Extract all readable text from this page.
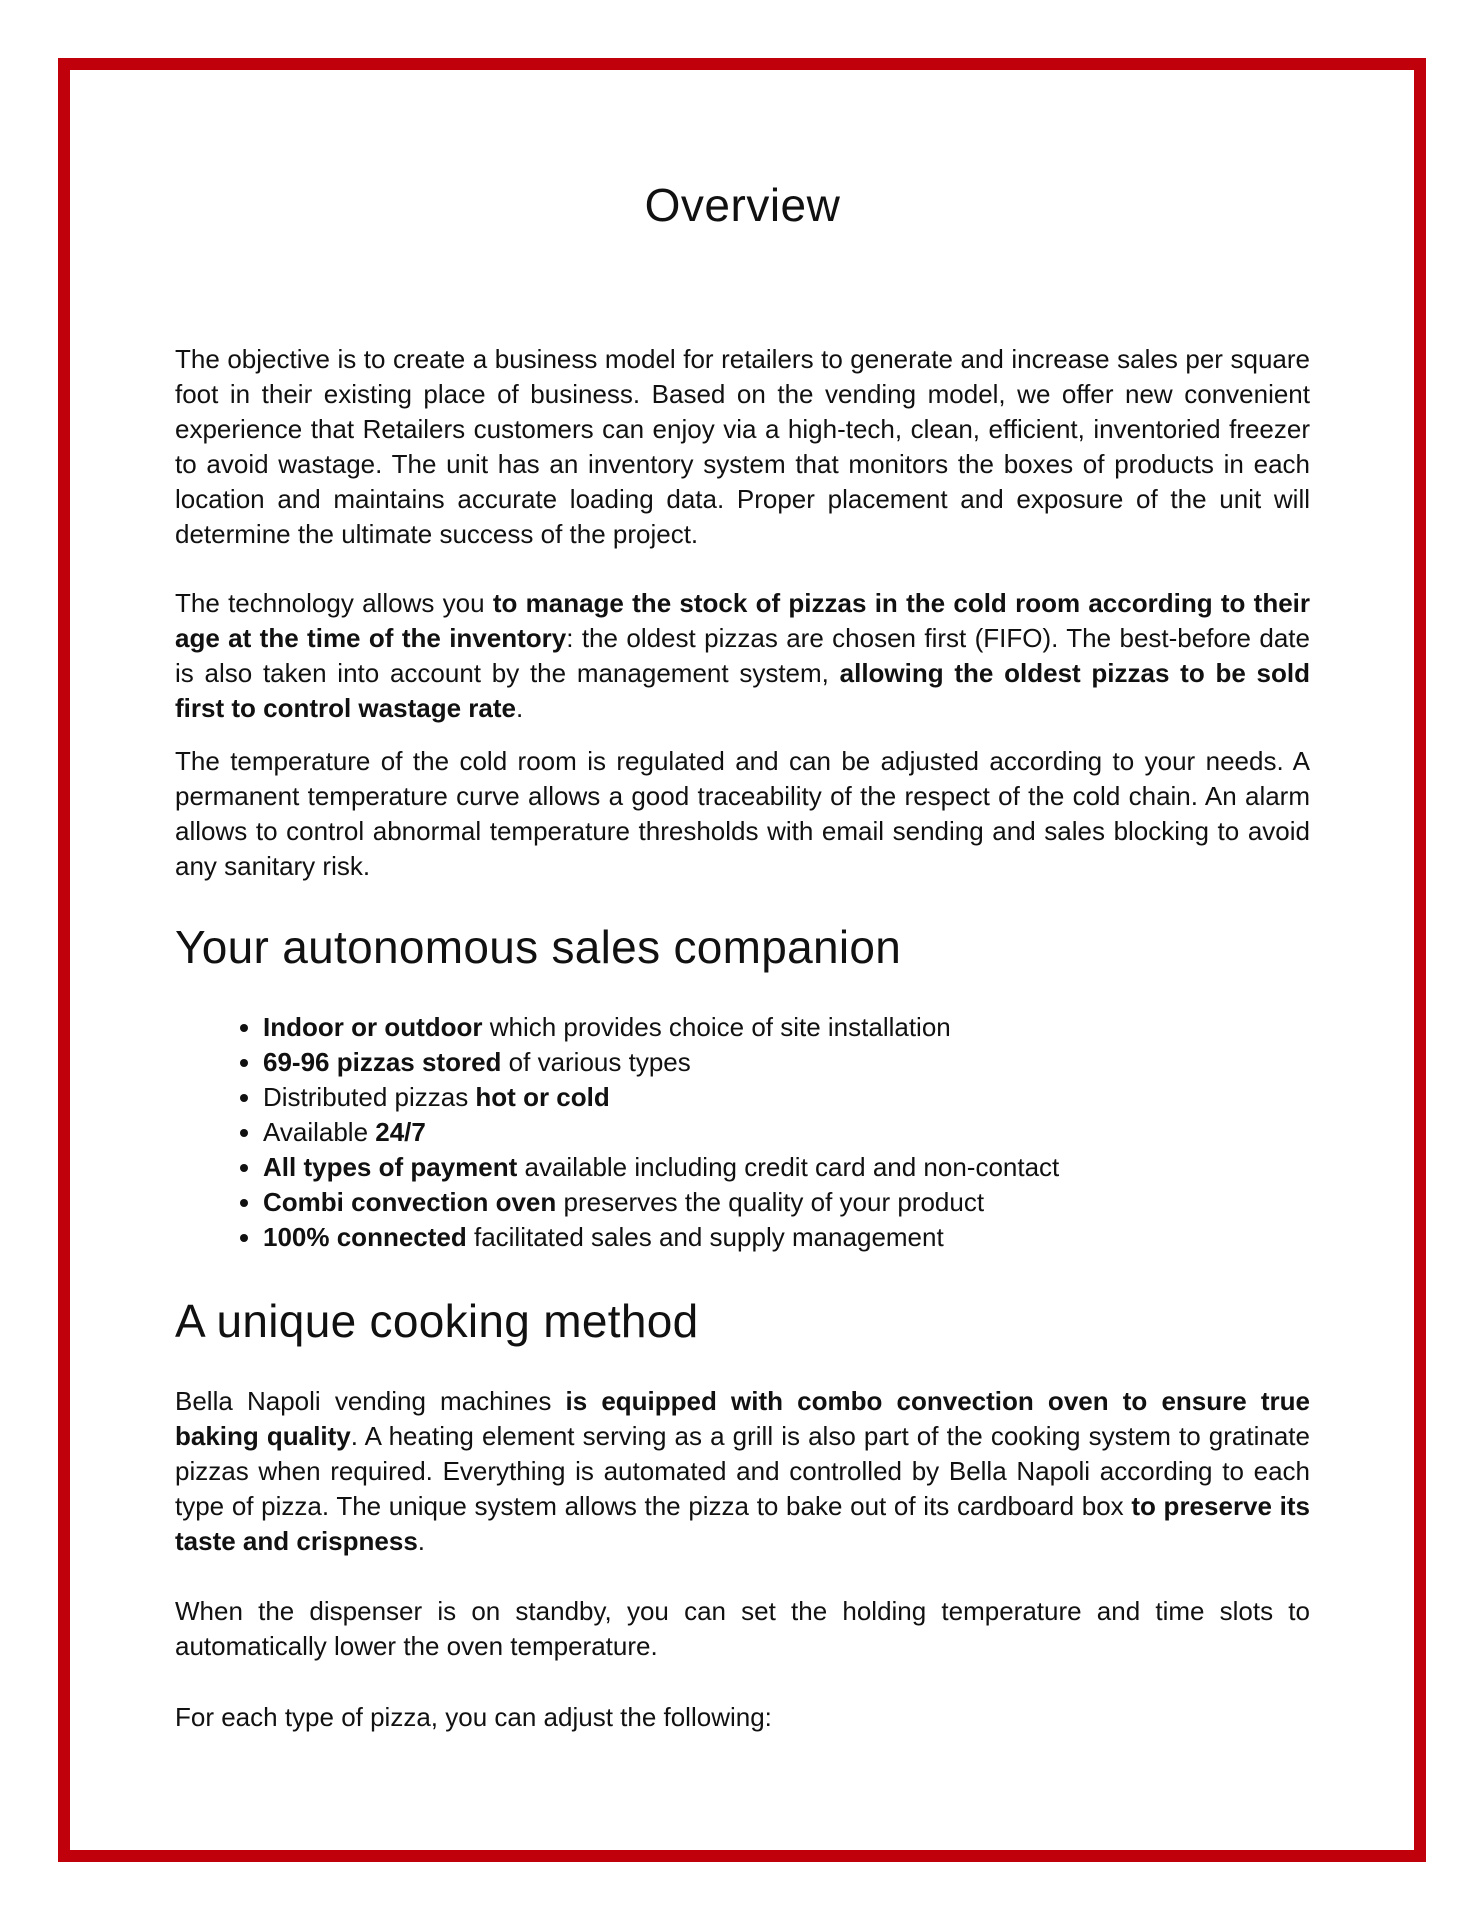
Overview

The objective is to create a business model for retailers to generate and increase sales per square foot in their existing place of business. Based on the vending model, we offer new convenient experience that Retailers customers can enjoy via a high-tech, clean, efficient, inventoried freezer to avoid wastage. The unit has an inventory system that monitors the boxes of products in each location and maintains accurate loading data. Proper placement and exposure of the unit will determine the ultimate success of the project.

The technology allows you to manage the stock of pizzas in the cold room according to their age at the time of the inventory: the oldest pizzas are chosen first (FIFO). The best-before date is also taken into account by the management system, allowing the oldest pizzas to be sold first to control wastage rate.

The temperature of the cold room is regulated and can be adjusted according to your needs. A permanent temperature curve allows a good traceability of the respect of the cold chain. An alarm allows to control abnormal temperature thresholds with email sending and sales blocking to avoid any sanitary risk.

Your autonomous sales companion
• Indoor or outdoor which provides choice of site installation
• 69-96 pizzas stored of various types
• Distributed pizzas hot or cold
• Available 24/7
• All types of payment available including credit card and non-contact
• Combi convection oven preserves the quality of your product
• 100% connected facilitated sales and supply management
A unique cooking method

Bella Napoli vending machines is equipped with combo convection oven to ensure true baking quality. A heating element serving as a grill is also part of the cooking system to gratinate pizzas when required. Everything is automated and controlled by Bella Napoli according to each type of pizza. The unique system allows the pizza to bake out of its cardboard box to preserve its taste and crispness.

When the dispenser is on standby, you can set the holding temperature and time slots to automatically lower the oven temperature.

For each type of pizza, you can adjust the following:
